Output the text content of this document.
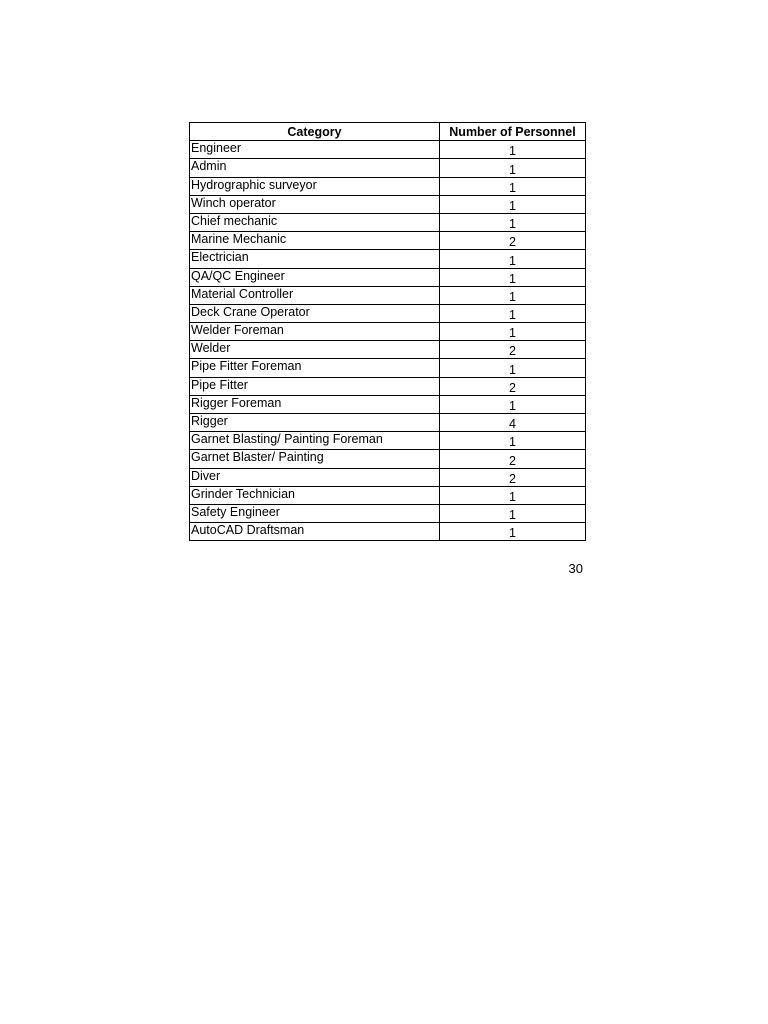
Category	Number of Personnel
Engineer	1
Admin	1
Hydrographic surveyor	1
Winch operator	1
Chief mechanic	1
Marine Mechanic	2
Electrician	1
QA/QC Engineer	1
Material Controller	1
Deck Crane Operator	1
Welder Foreman	1
Welder	2
Pipe Fitter Foreman	1
Pipe Fitter	2
Rigger Foreman	1
Rigger	4
Garnet Blasting/ Painting Foreman	1
Garnet Blaster/ Painting	2
Diver	2
Grinder Technician	1
Safety Engineer	1
AutoCAD Draftsman	1
30
